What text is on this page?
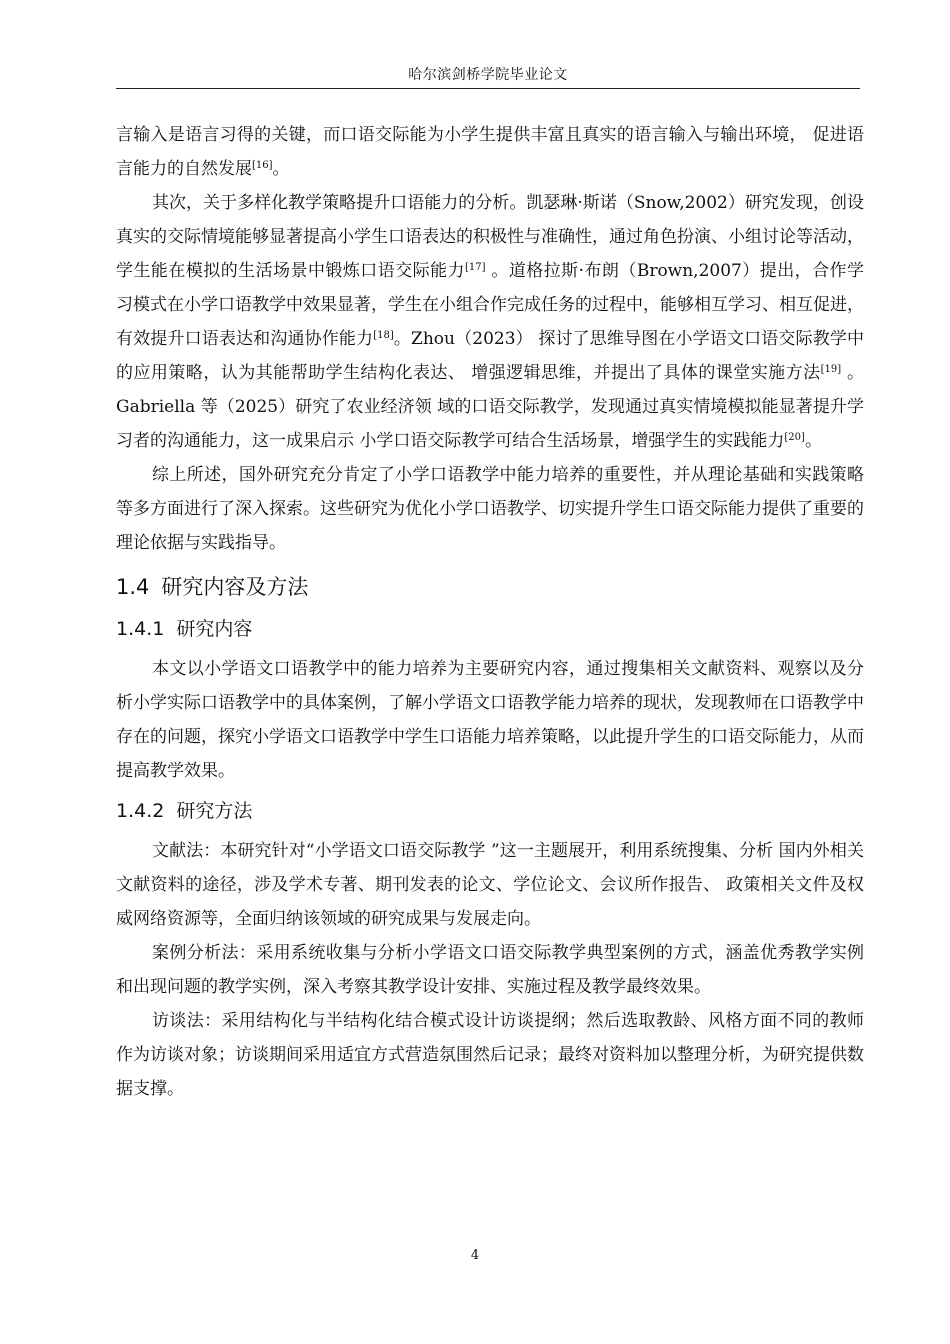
哈尔滨剑桥学院毕业论文

言输入是语言习得的关键，而口语交际能为小学生提供丰富且真实的语言输入与输出环境， 促进语言能力的自然发展[16]。

其次，关于多样化教学策略提升口语能力的分析。凯瑟琳·斯诺（Snow,2002）研究发现，创设真实的交际情境能够显著提高小学生口语表达的积极性与准确性，通过角色扮演、小组讨论等活动，学生能在模拟的生活场景中锻炼口语交际能力[17] 。道格拉斯·布朗（Brown,2007）提出，合作学习模式在小学口语教学中效果显著，学生在小组合作完成任务的过程中，能够相互学习、相互促进，有效提升口语表达和沟通协作能力[18]。Zhou（2023） 探讨了思维导图在小学语文口语交际教学中的应用策略，认为其能帮助学生结构化表达、 增强逻辑思维，并提出了具体的课堂实施方法[19] 。Gabriella 等（2025）研究了农业经济领 域的口语交际教学，发现通过真实情境模拟能显著提升学习者的沟通能力，这一成果启示 小学口语交际教学可结合生活场景，增强学生的实践能力[20]。

综上所述，国外研究充分肯定了小学口语教学中能力培养的重要性，并从理论基础和实践策略等多方面进行了深入探索。这些研究为优化小学口语教学、切实提升学生口语交际能力提供了重要的理论依据与实践指导。

1.4 研究内容及方法
1.4.1 研究内容

本文以小学语文口语教学中的能力培养为主要研究内容，通过搜集相关文献资料、观察以及分析小学实际口语教学中的具体案例，了解小学语文口语教学能力培养的现状，发现教师在口语教学中存在的问题，探究小学语文口语教学中学生口语能力培养策略，以此提升学生的口语交际能力，从而提高教学效果。

1.4.2 研究方法

文献法：本研究针对“小学语文口语交际教学 ”这一主题展开，利用系统搜集、分析 国内外相关文献资料的途径，涉及学术专著、期刊发表的论文、学位论文、会议所作报告、 政策相关文件及权威网络资源等，全面归纳该领域的研究成果与发展走向。

案例分析法：采用系统收集与分析小学语文口语交际教学典型案例的方式，涵盖优秀教学实例和出现问题的教学实例，深入考察其教学设计安排、实施过程及教学最终效果。

访谈法：采用结构化与半结构化结合模式设计访谈提纲；然后选取教龄、风格方面不同的教师作为访谈对象；访谈期间采用适宜方式营造氛围然后记录；最终对资料加以整理分析，为研究提供数据支撑。

4
